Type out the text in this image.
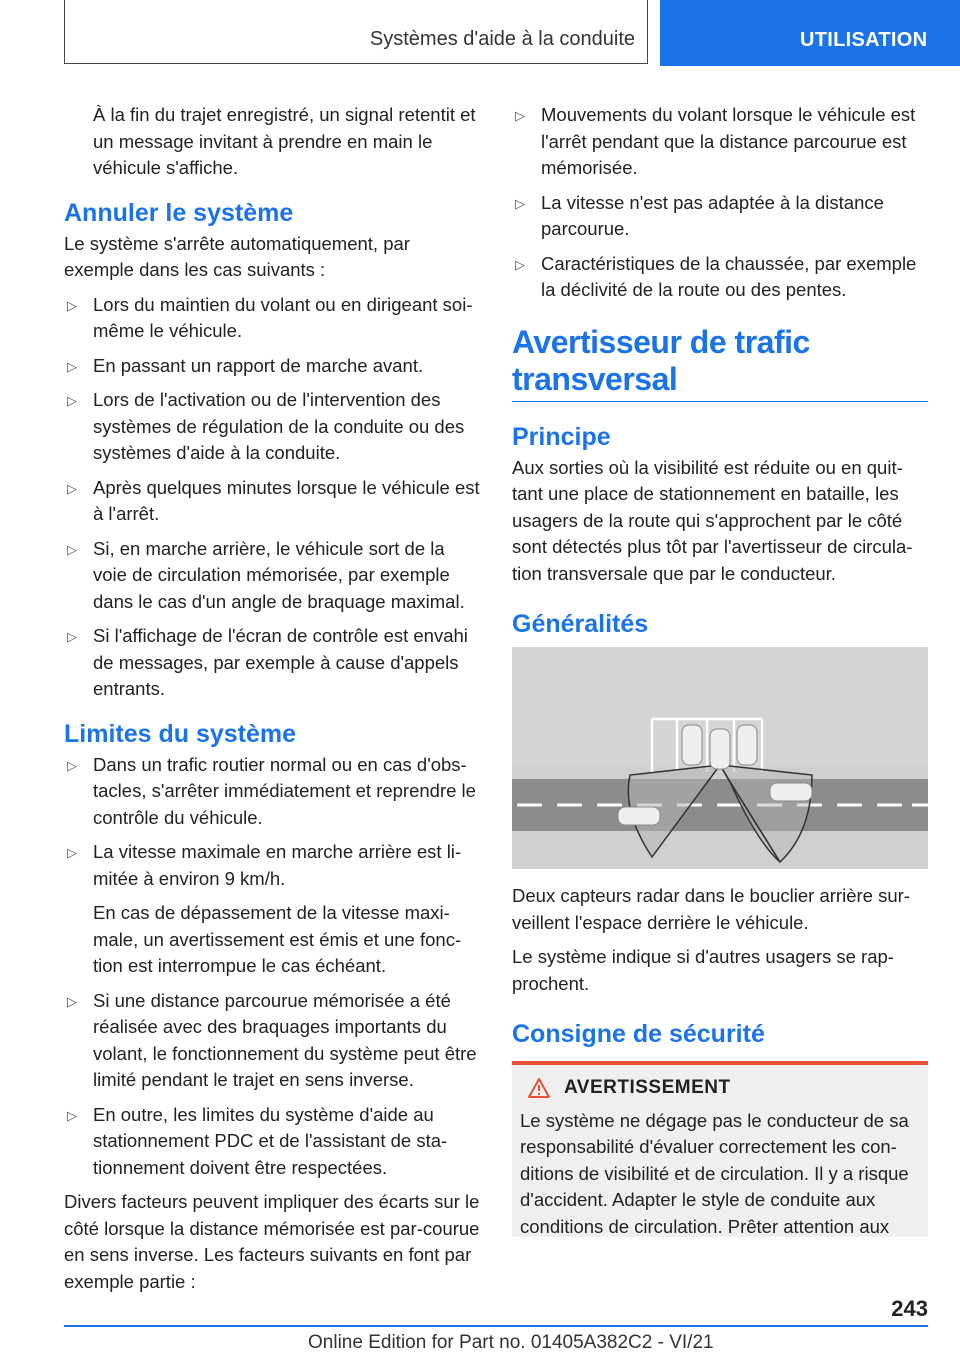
Systèmes d'aide à la conduite	UTILISATION

À la fin du trajet enregistré, un signal retentit et un message invitant à prendre en main le véhicule s'affiche.

Annuler le système

Le système s'arrête automatiquement, par exemple dans les cas suivants :

▷ Lors du maintien du volant ou en dirigeant soi-même le véhicule.
▷ En passant un rapport de marche avant.
▷ Lors de l'activation ou de l'intervention des systèmes de régulation de la conduite ou des systèmes d'aide à la conduite.
▷ Après quelques minutes lorsque le véhicule est à l'arrêt.
▷ Si, en marche arrière, le véhicule sort de la voie de circulation mémorisée, par exemple dans le cas d'un angle de braquage maximal.
▷ Si l'affichage de l'écran de contrôle est envahi de messages, par exemple à cause d'appels entrants.
Limites du système
▷ Dans un trafic routier normal ou en cas d'obs-tacles, s'arrêter immédiatement et reprendre le contrôle du véhicule.
▷ La vitesse maximale en marche arrière est li-mitée à environ 9 km/h.
En cas de dépassement de la vitesse maxi-male, un avertissement est émis et une fonc-tion est interrompue le cas échéant.
▷ Si une distance parcourue mémorisée a été réalisée avec des braquages importants du volant, le fonctionnement du système peut être limité pendant le trajet en sens inverse.
▷ En outre, les limites du système d'aide au stationnement PDC et de l'assistant de sta-tionnement doivent être respectées.

Divers facteurs peuvent impliquer des écarts sur le côté lorsque la distance mémorisée est par-courue en sens inverse. Les facteurs suivants en font par exemple partie :

▷ Mouvements du volant lorsque le véhicule est l'arrêt pendant que la distance parcourue est mémorisée.
▷ La vitesse n'est pas adaptée à la distance parcourue.
▷ Caractéristiques de la chaussée, par exemple la déclivité de la route ou des pentes.
Avertisseur de trafic transversal
Principe

Aux sorties où la visibilité est réduite ou en quit-tant une place de stationnement en bataille, les usagers de la route qui s'approchent par le côté sont détectés plus tôt par l'avertisseur de circula-tion transversale que par le conducteur.

Généralités

Deux capteurs radar dans le bouclier arrière sur-veillent l'espace derrière le véhicule.

Le système indique si d'autres usagers se rap-prochent.

Consigne de sécurité
AVERTISSEMENT
Le système ne dégage pas le conducteur de sa responsabilité d'évaluer correctement les con-ditions de visibilité et de circulation. Il y a risque d'accident. Adapter le style de conduite aux conditions de circulation. Prêter attention aux
243
Online Edition for Part no. 01405A382C2 - VI/21
